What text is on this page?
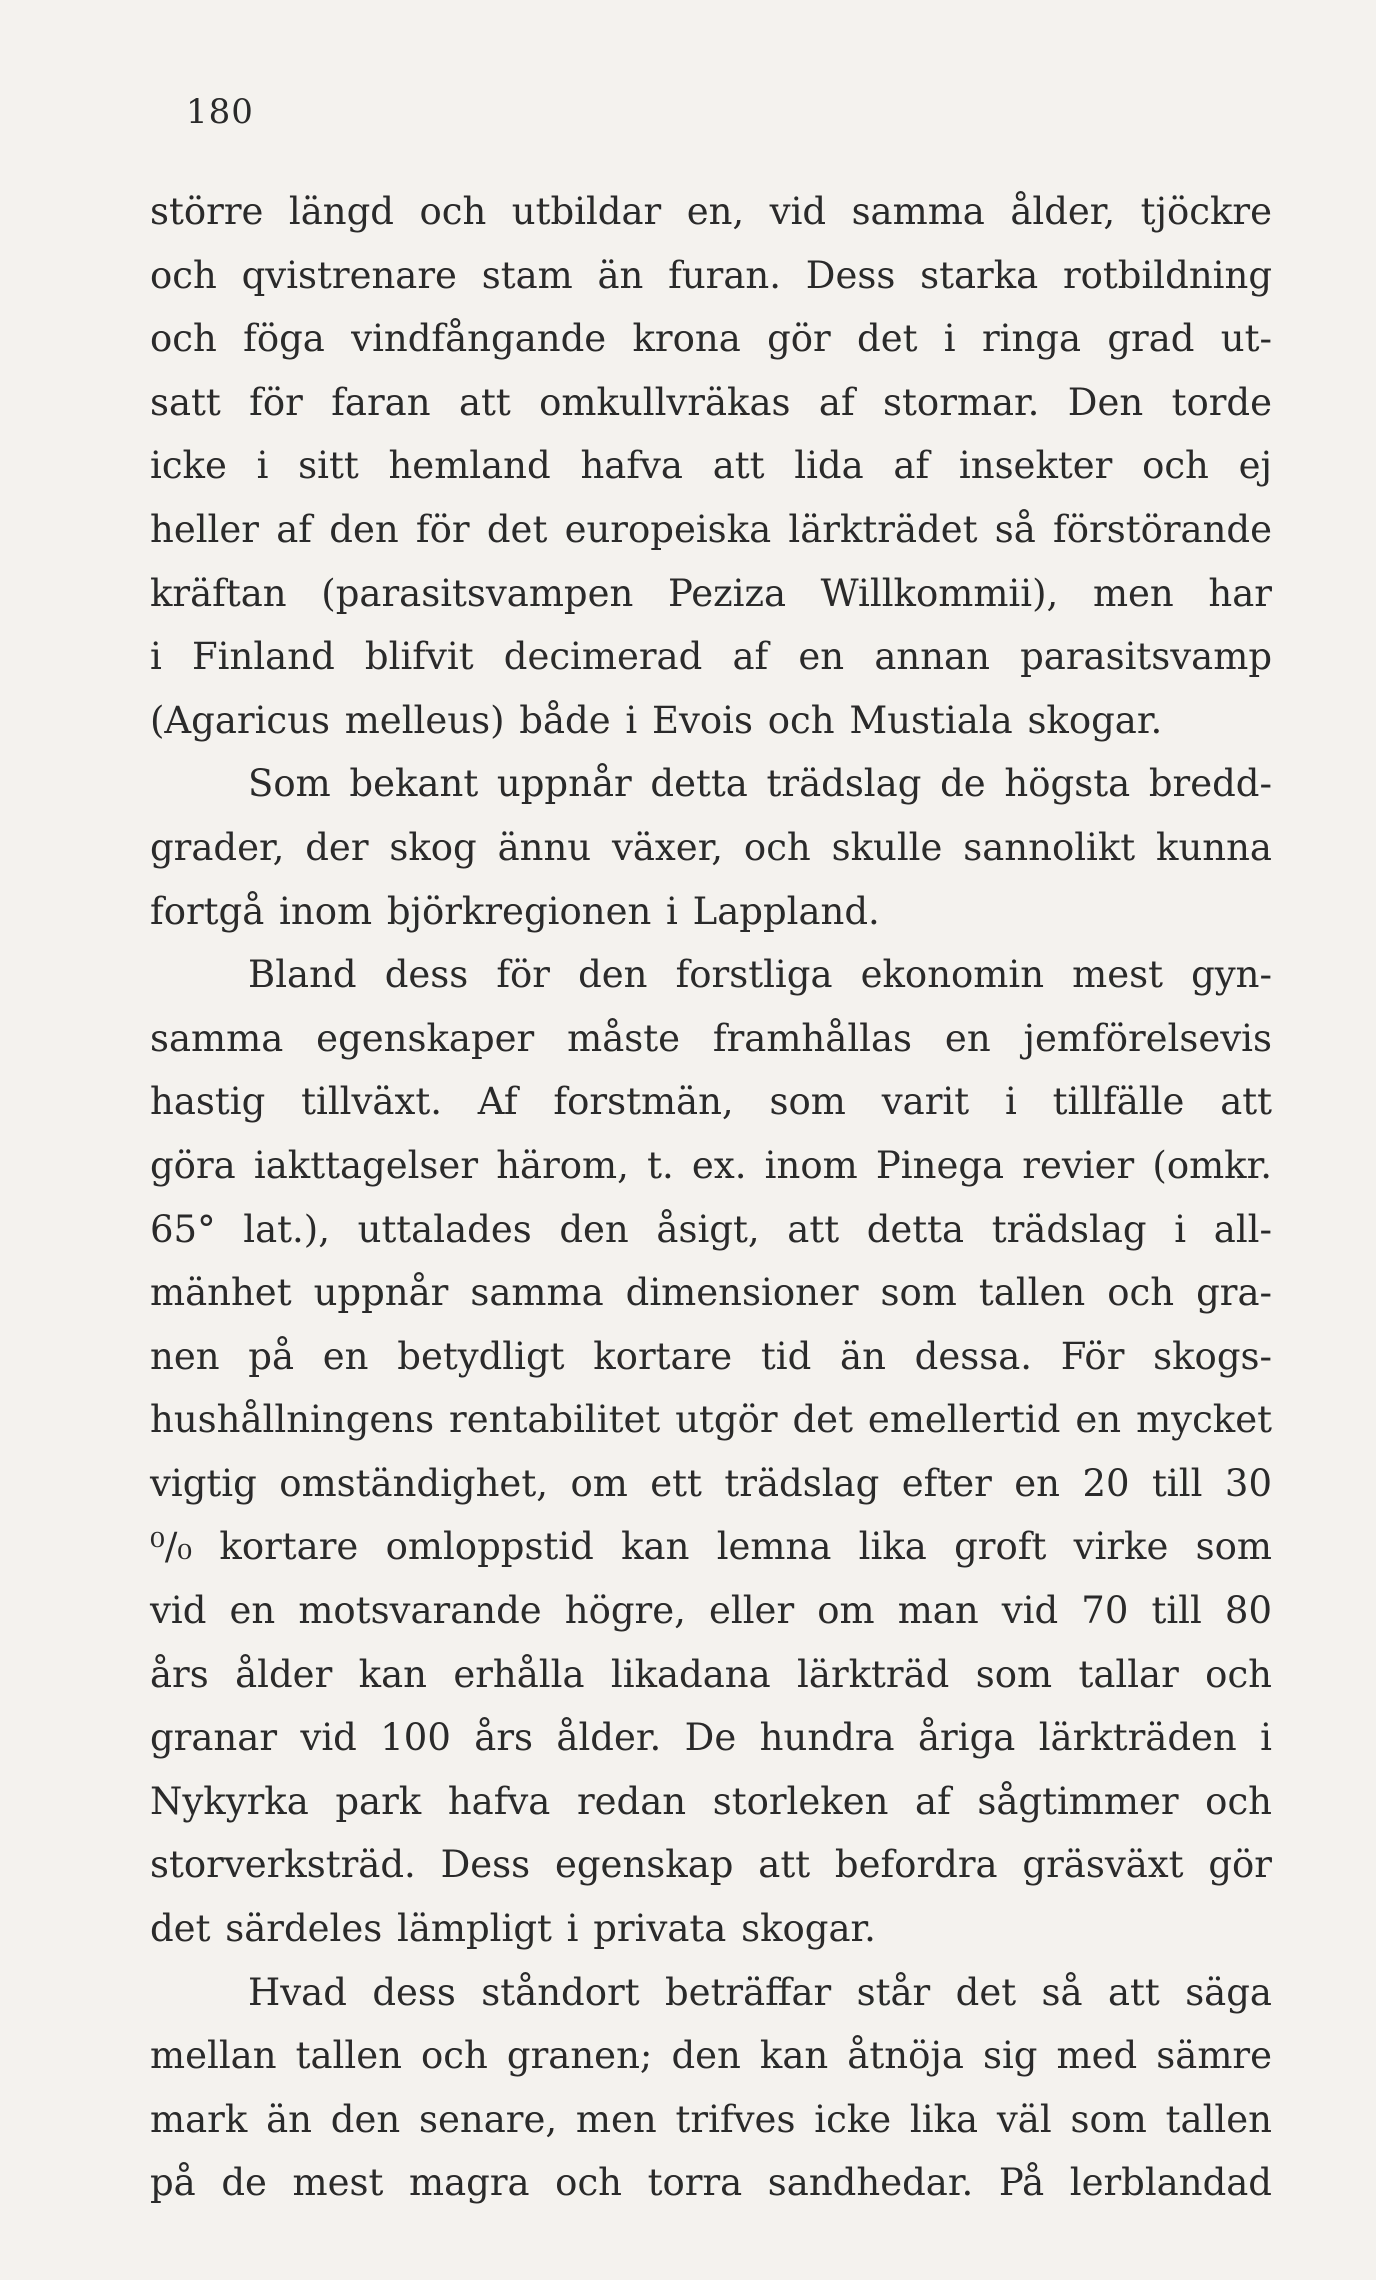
180
större längd och utbildar en, vid samma ålder, tjöckre
och qvistrenare stam än furan. Dess starka rotbildning
och föga vindfångande krona gör det i ringa grad ut-
satt för faran att omkullvräkas af stormar. Den torde
icke i sitt hemland hafva att lida af insekter och ej
heller af den för det europeiska lärkträdet så förstörande
kräftan (parasitsvampen Peziza Willkommii), men har
i Finland blifvit decimerad af en annan parasitsvamp
(Agaricus melleus) både i Evois och Mustiala skogar.
Som bekant uppnår detta trädslag de högsta bredd-
grader, der skog ännu växer, och skulle sannolikt kunna
fortgå inom björkregionen i Lappland.
Bland dess för den forstliga ekonomin mest gyn-
samma egenskaper måste framhållas en jemförelsevis
hastig tillväxt. Af forstmän, som varit i tillfälle att
göra iakttagelser härom, t. ex. inom Pinega revier (omkr.
65° lat.), uttalades den åsigt, att detta trädslag i all-
mänhet uppnår samma dimensioner som tallen och gra-
nen på en betydligt kortare tid än dessa. För skogs-
hushållningens rentabilitet utgör det emellertid en mycket
vigtig omständighet, om ett trädslag efter en 20 till 30
⁰/₀ kortare omloppstid kan lemna lika groft virke som
vid en motsvarande högre, eller om man vid 70 till 80
års ålder kan erhålla likadana lärkträd som tallar och
granar vid 100 års ålder. De hundra åriga lärkträden i
Nykyrka park hafva redan storleken af sågtimmer och
storverksträd. Dess egenskap att befordra gräsväxt gör
det särdeles lämpligt i privata skogar.
Hvad dess ståndort beträffar står det så att säga
mellan tallen och granen; den kan åtnöja sig med sämre
mark än den senare, men trifves icke lika väl som tallen
på de mest magra och torra sandhedar. På lerblandad
